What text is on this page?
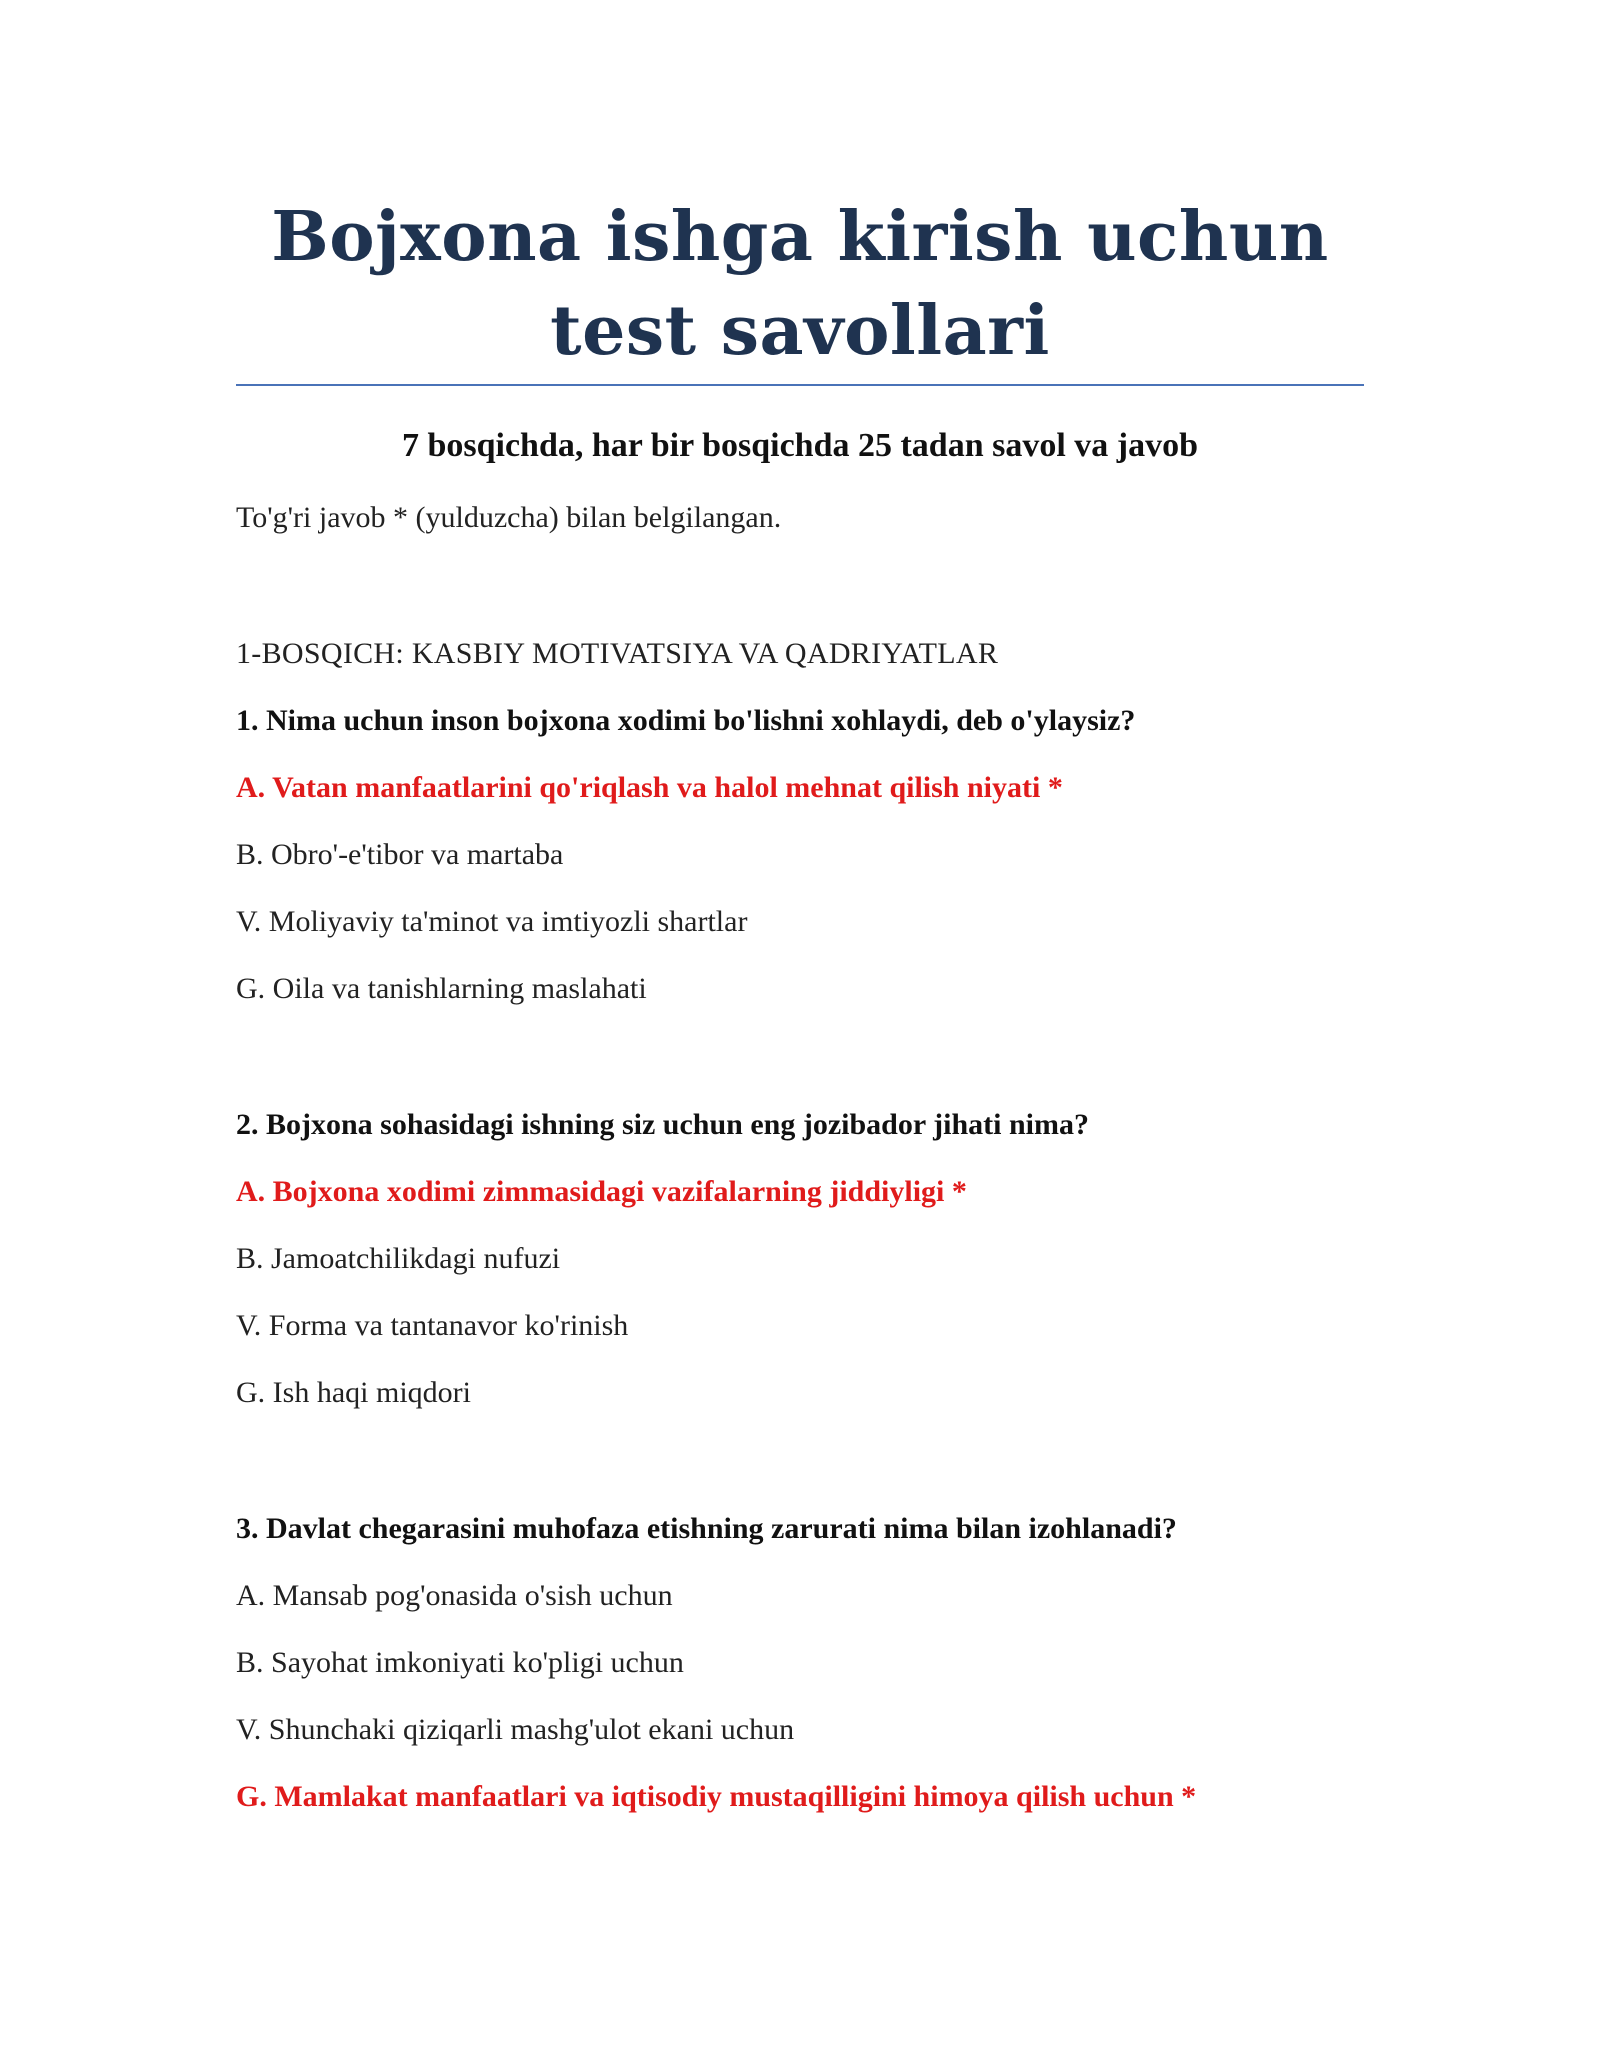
Bojxona ishga kirish uchun test savollari
7 bosqichda, har bir bosqichda 25 tadan savol va javob

To'g'ri javob * (yulduzcha) bilan belgilangan.

1-BOSQICH: KASBIY MOTIVATSIYA VA QADRIYATLAR

1. Nima uchun inson bojxona xodimi bo'lishni xohlaydi, deb o'ylaysiz?

A. Vatan manfaatlarini qo'riqlash va halol mehnat qilish niyati *

B. Obro'-e'tibor va martaba

V. Moliyaviy ta'minot va imtiyozli shartlar

G. Oila va tanishlarning maslahati

2. Bojxona sohasidagi ishning siz uchun eng jozibador jihati nima?

A. Bojxona xodimi zimmasidagi vazifalarning jiddiyligi *

B. Jamoatchilikdagi nufuzi

V. Forma va tantanavor ko'rinish

G. Ish haqi miqdori

3. Davlat chegarasini muhofaza etishning zarurati nima bilan izohlanadi?

A. Mansab pog'onasida o'sish uchun

B. Sayohat imkoniyati ko'pligi uchun

V. Shunchaki qiziqarli mashg'ulot ekani uchun

G. Mamlakat manfaatlari va iqtisodiy mustaqilligini himoya qilish uchun *
